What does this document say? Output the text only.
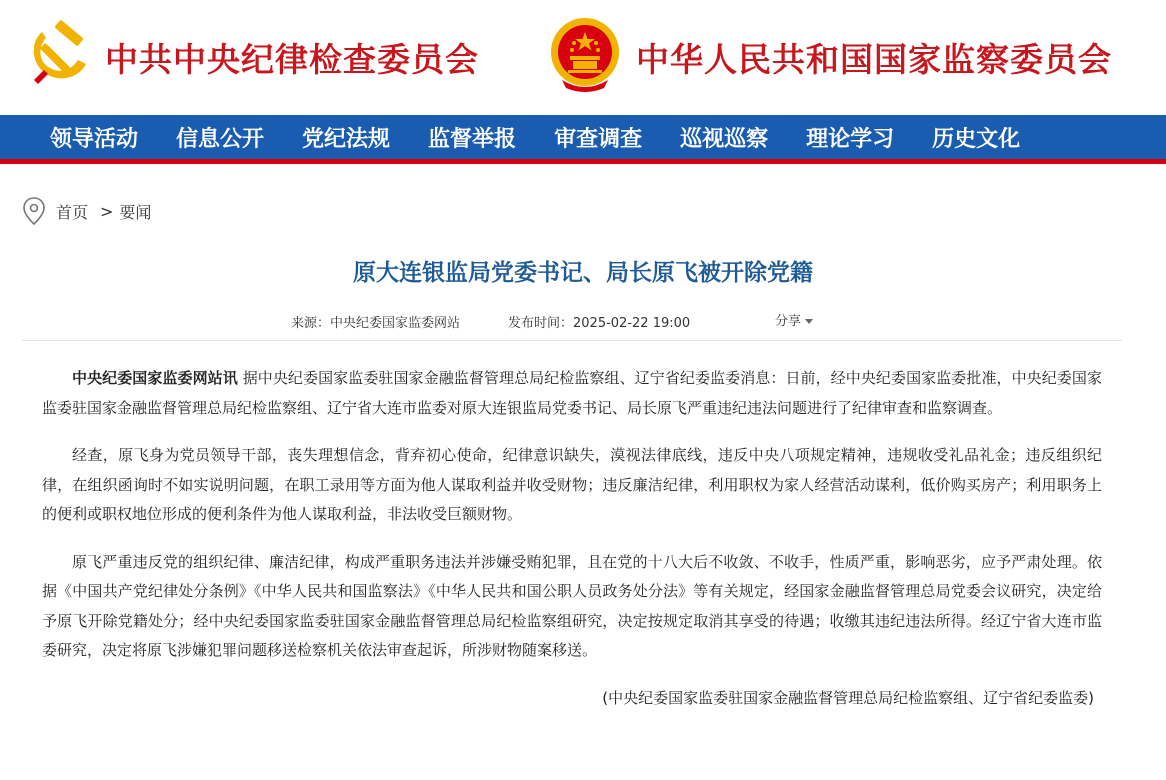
中共中央纪律检查委员会	中华人民共和国国家监察委员会
领导活动 信息公开 党纪法规 监督举报 审查调查 巡视巡察 理论学习 历史文化
首页 > 要闻
原大连银监局党委书记、局长原飞被开除党籍
来源：中央纪委国家监委网站	发布时间：2025-02-22 19:00	分享

中央纪委国家监委网站讯 据中央纪委国家监委驻国家金融监督管理总局纪检监察组、辽宁省纪委监委消息：日前，经中央纪委国家监委批准，中央纪委国家监委驻国家金融监督管理总局纪检监察组、辽宁省大连市监委对原大连银监局党委书记、局长原飞严重违纪违法问题进行了纪律审查和监察调查。

经查，原飞身为党员领导干部，丧失理想信念，背弃初心使命，纪律意识缺失，漠视法律底线，违反中央八项规定精神，违规收受礼品礼金；违反组织纪律，在组织函询时不如实说明问题，在职工录用等方面为他人谋取利益并收受财物；违反廉洁纪律，利用职权为家人经营活动谋利，低价购买房产；利用职务上的便利或职权地位形成的便利条件为他人谋取利益，非法收受巨额财物。

原飞严重违反党的组织纪律、廉洁纪律，构成严重职务违法并涉嫌受贿犯罪，且在党的十八大后不收敛、不收手，性质严重，影响恶劣，应予严肃处理。依据《中国共产党纪律处分条例》《中华人民共和国监察法》《中华人民共和国公职人员政务处分法》等有关规定，经国家金融监督管理总局党委会议研究，决定给予原飞开除党籍处分；经中央纪委国家监委驻国家金融监督管理总局纪检监察组研究，决定按规定取消其享受的待遇；收缴其违纪违法所得。经辽宁省大连市监委研究，决定将原飞涉嫌犯罪问题移送检察机关依法审查起诉，所涉财物随案移送。

(中央纪委国家监委驻国家金融监督管理总局纪检监察组、辽宁省纪委监委)
